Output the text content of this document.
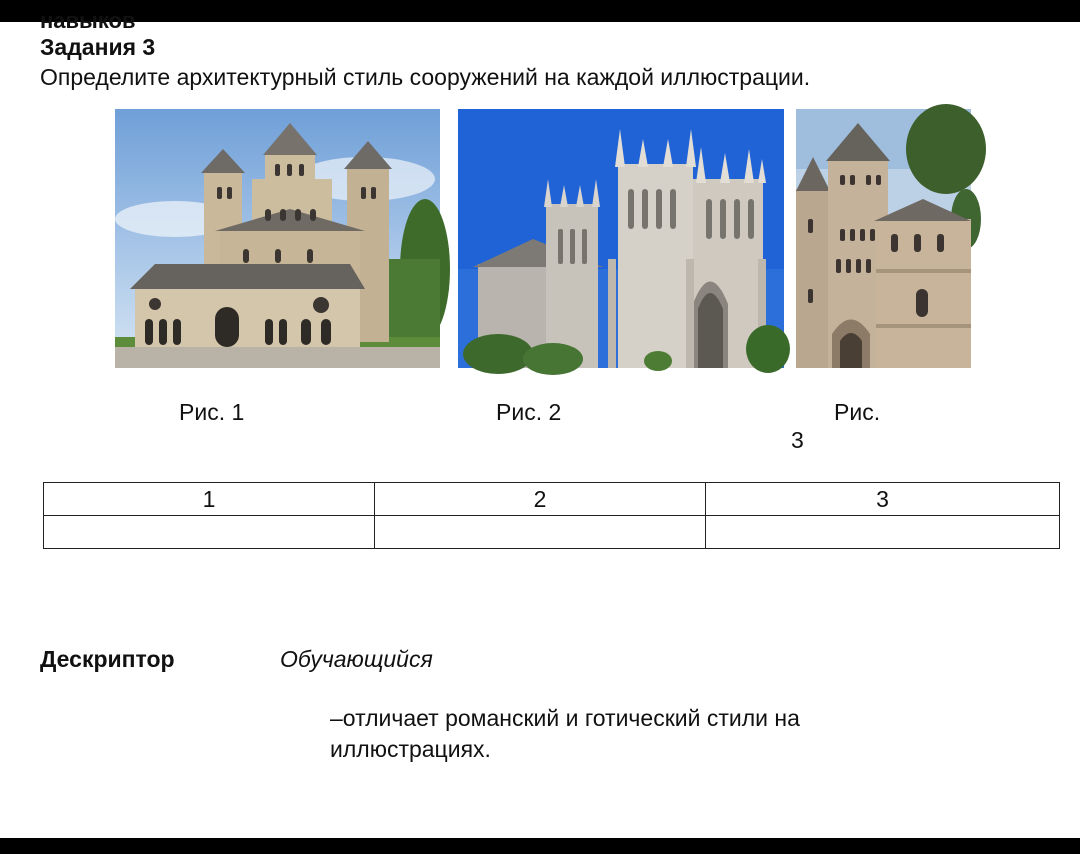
навыков
Задания 3
Определите архитектурный стиль сооружений на каждой иллюстрации.
Рис. 1	Рис. 2	Рис.
3
1	2	3

Дескриптор	Обучающийся
–отличает романский и готический стили на иллюстрациях.
